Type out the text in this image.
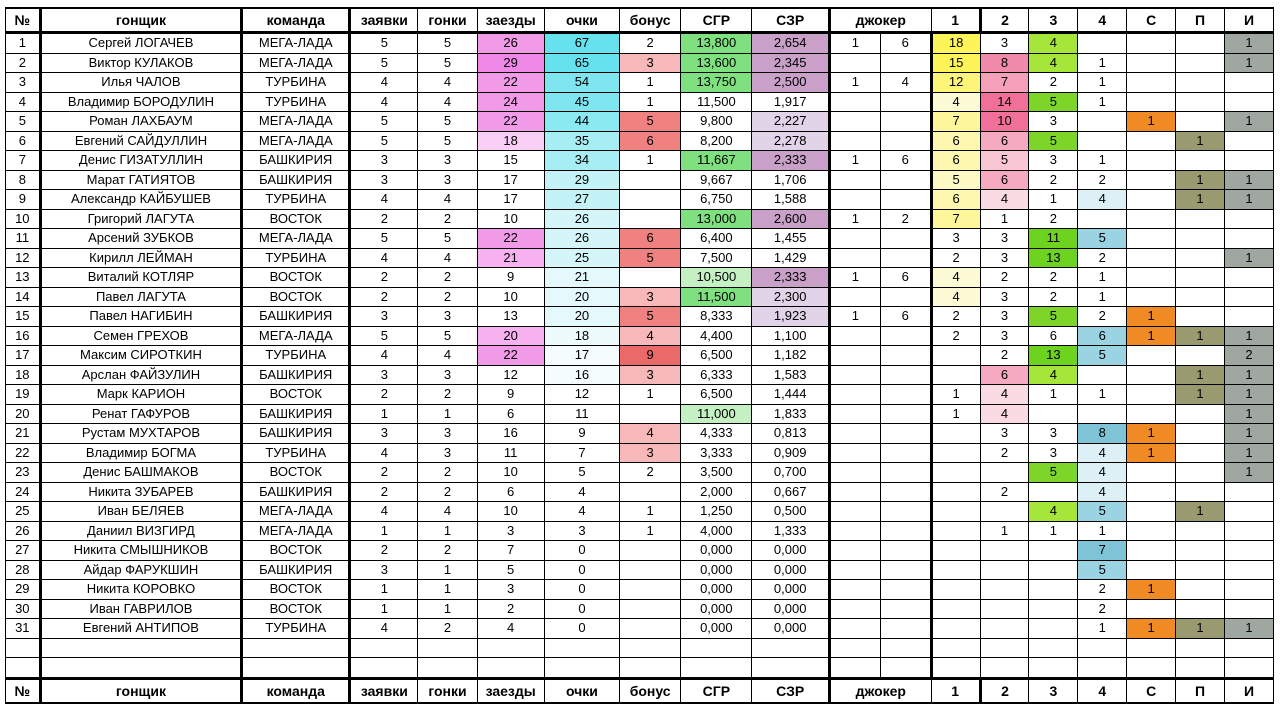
№	гонщик	команда	заявки	гонки	заезды	очки	бонус	СГР	СЗР	джокер		1	2	3	4	С	П	И
1	Сергей ЛОГАЧЕВ	МЕГА-ЛАДА	5	5	26	67	2	13,800	2,654	1	6	18	3	4				1
2	Виктор КУЛАКОВ	МЕГА-ЛАДА	5	5	29	65	3	13,600	2,345			15	8	4	1			1
3	Илья ЧАЛОВ	ТУРБИНА	4	4	22	54	1	13,750	2,500	1	4	12	7	2	1			
4	Владимир БОРОДУЛИН	ТУРБИНА	4	4	24	45	1	11,500	1,917			4	14	5	1			
5	Роман ЛАХБАУМ	МЕГА-ЛАДА	5	5	22	44	5	9,800	2,227			7	10	3		1		1
6	Евгений САЙДУЛЛИН	МЕГА-ЛАДА	5	5	18	35	6	8,200	2,278			6	6	5			1	
7	Денис ГИЗАТУЛЛИН	БАШКИРИЯ	3	3	15	34	1	11,667	2,333	1	6	6	5	3	1			
8	Марат ГАТИЯТОВ	БАШКИРИЯ	3	3	17	29		9,667	1,706			5	6	2	2		1	1
9	Александр КАЙБУШЕВ	ТУРБИНА	4	4	17	27		6,750	1,588			6	4	1	4		1	1
10	Григорий ЛАГУТА	ВОСТОК	2	2	10	26		13,000	2,600	1	2	7	1	2				
11	Арсений ЗУБКОВ	МЕГА-ЛАДА	5	5	22	26	6	6,400	1,455			3	3	11	5			
12	Кирилл ЛЕЙМАН	ТУРБИНА	4	4	21	25	5	7,500	1,429			2	3	13	2			1
13	Виталий КОТЛЯР	ВОСТОК	2	2	9	21		10,500	2,333	1	6	4	2	2	1			
14	Павел ЛАГУТА	ВОСТОК	2	2	10	20	3	11,500	2,300			4	3	2	1			
15	Павел НАГИБИН	БАШКИРИЯ	3	3	13	20	5	8,333	1,923	1	6	2	3	5	2	1		
16	Семен ГРЕХОВ	МЕГА-ЛАДА	5	5	20	18	4	4,400	1,100			2	3	6	6	1	1	1
17	Максим СИРОТКИН	ТУРБИНА	4	4	22	17	9	6,500	1,182				2	13	5			2
18	Арслан ФАЙЗУЛИН	БАШКИРИЯ	3	3	12	16	3	6,333	1,583				6	4			1	1
19	Марк КАРИОН	ВОСТОК	2	2	9	12	1	6,500	1,444			1	4	1	1		1	1
20	Ренат ГАФУРОВ	БАШКИРИЯ	1	1	6	11		11,000	1,833			1	4					1
21	Рустам МУХТАРОВ	БАШКИРИЯ	3	3	16	9	4	4,333	0,813				3	3	8	1		1
22	Владимир БОГМА	ТУРБИНА	4	3	11	7	3	3,333	0,909				2	3	4	1		1
23	Денис БАШМАКОВ	ВОСТОК	2	2	10	5	2	3,500	0,700					5	4			1
24	Никита ЗУБАРЕВ	БАШКИРИЯ	2	2	6	4		2,000	0,667				2		4			
25	Иван БЕЛЯЕВ	МЕГА-ЛАДА	4	4	10	4	1	1,250	0,500					4	5		1	
26	Даниил ВИЗГИРД	МЕГА-ЛАДА	1	1	3	3	1	4,000	1,333				1	1	1			
27	Никита СМЫШНИКОВ	ВОСТОК	2	2	7	0		0,000	0,000						7			
28	Айдар ФАРУКШИН	БАШКИРИЯ	3	1	5	0		0,000	0,000						5			
29	Никита КОРОВКО	ВОСТОК	1	1	3	0		0,000	0,000						2	1		
30	Иван ГАВРИЛОВ	ВОСТОК	1	1	2	0		0,000	0,000						2			
31	Евгений АНТИПОВ	ТУРБИНА	4	2	4	0		0,000	0,000						1	1	1	1

№	гонщик	команда	заявки	гонки	заезды	очки	бонус	СГР	СЗР	джокер		1	2	3	4	С	П	И
